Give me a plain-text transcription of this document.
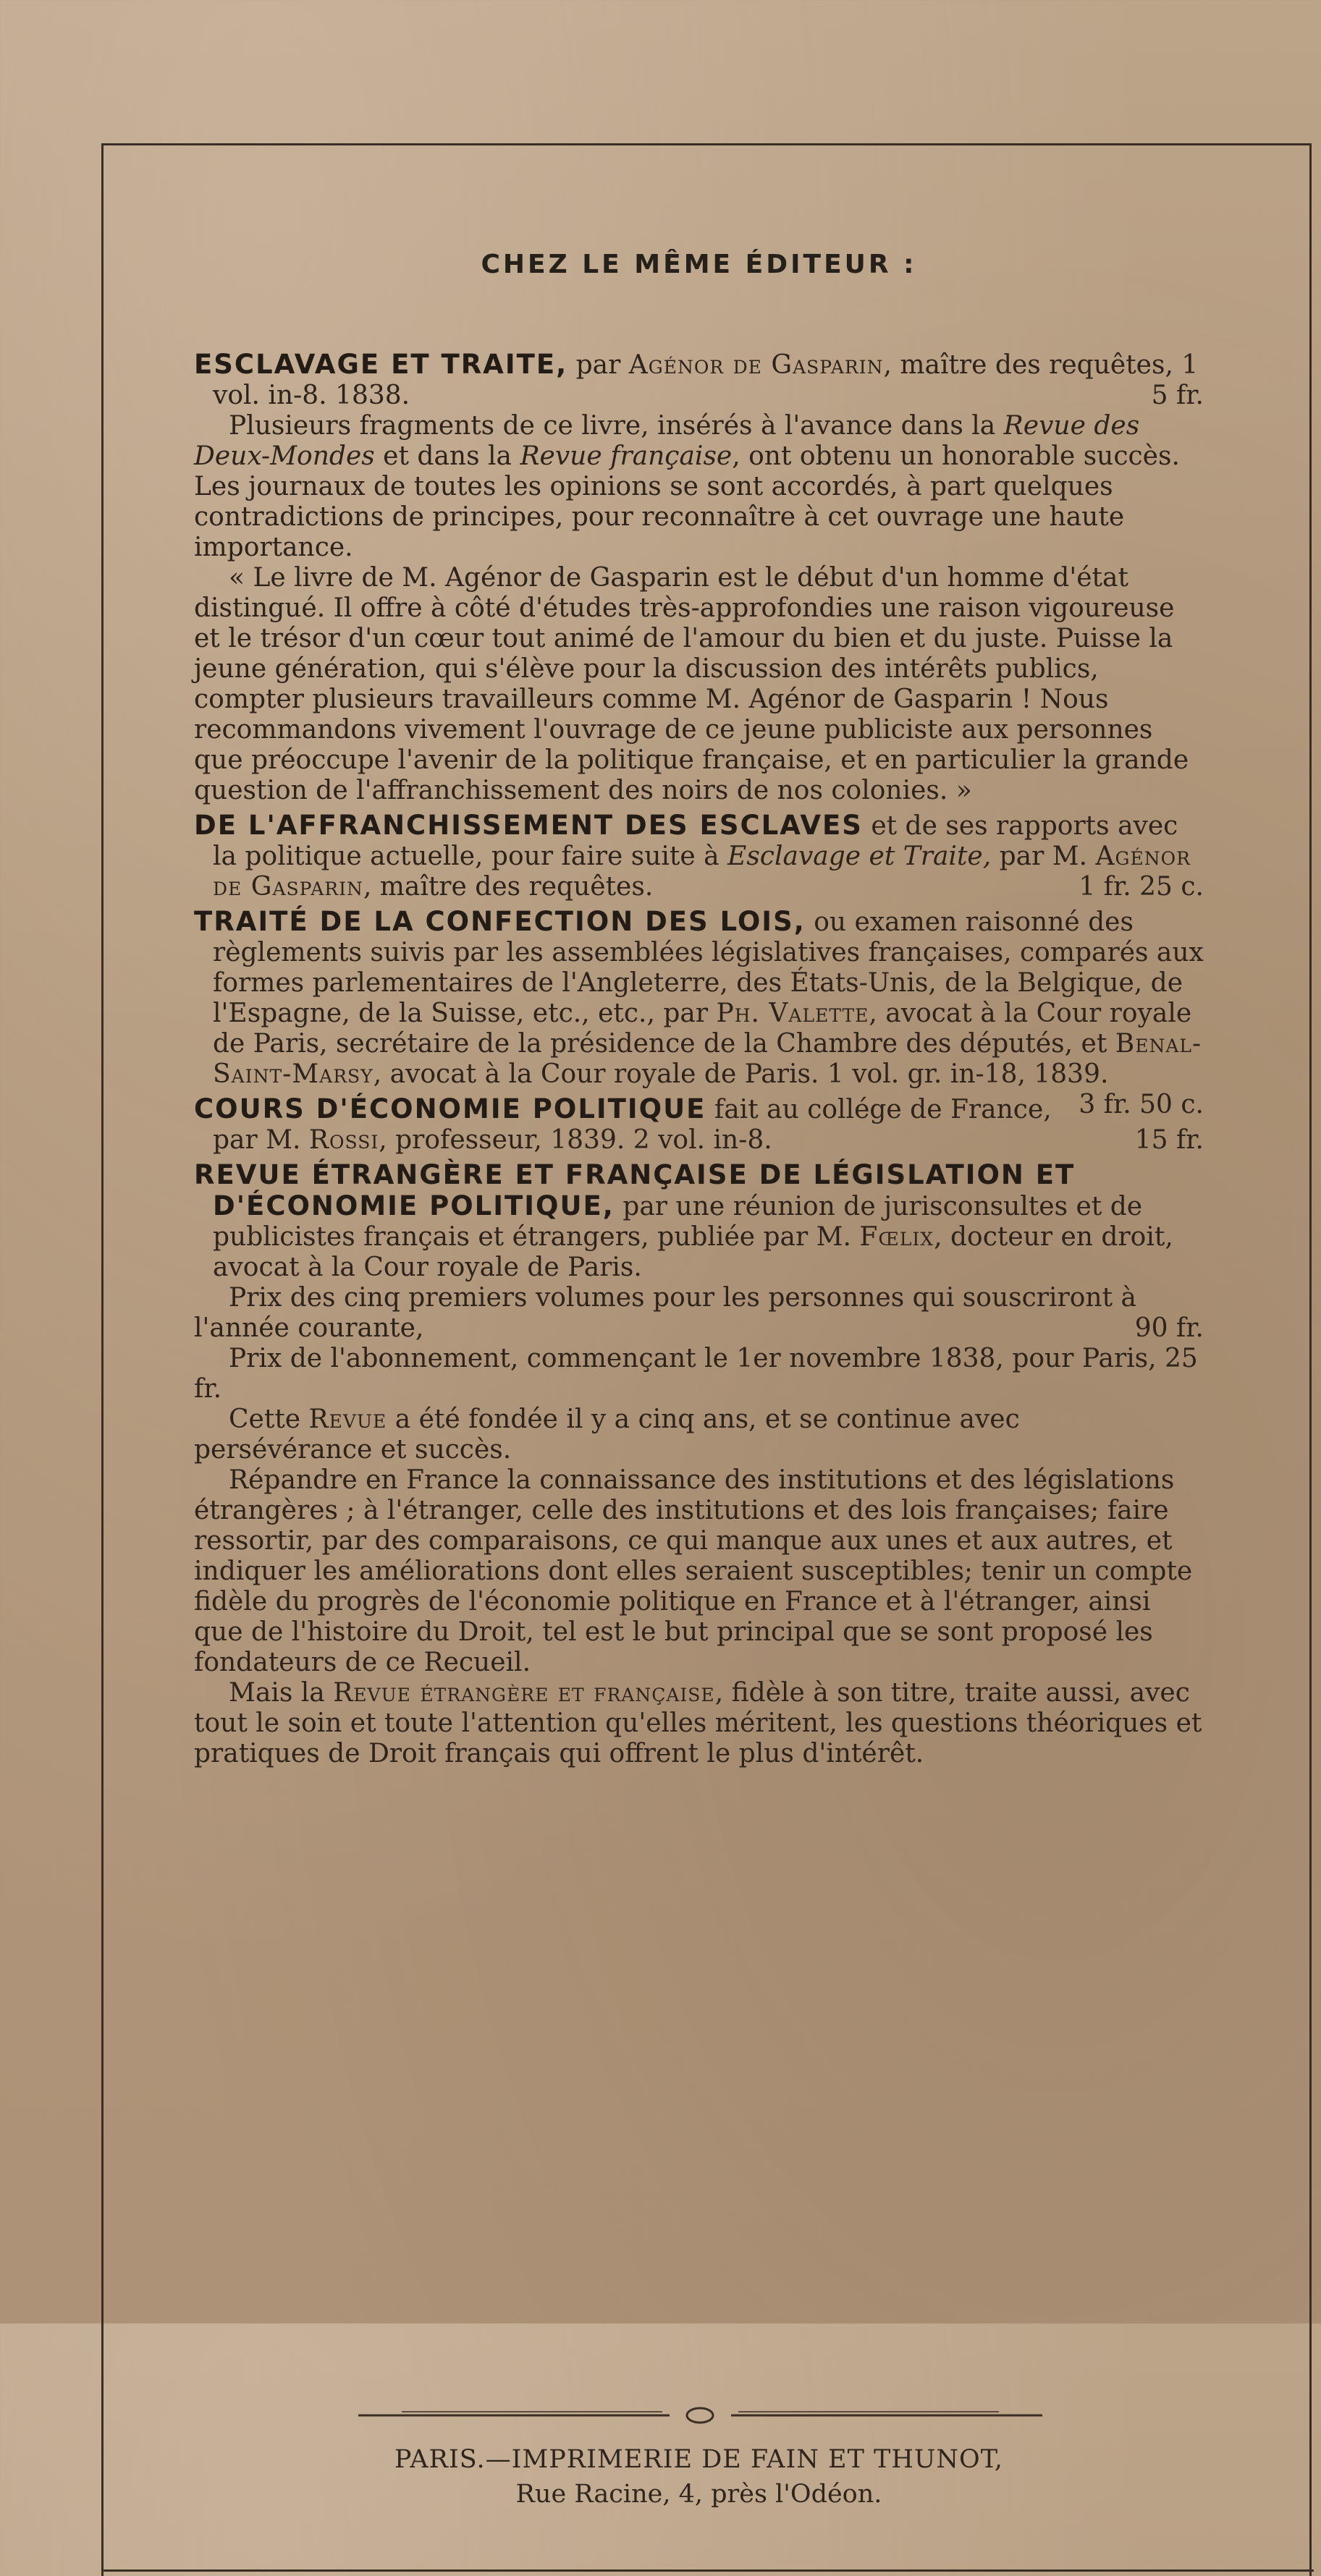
CHEZ LE MÊME ÉDITEUR :

ESCLAVAGE ET TRAITE, par Agénor de Gasparin, maître des requêtes, 1 vol. in-8. 1838.	5 fr.

Plusieurs fragments de ce livre, insérés à l'avance dans la Revue des Deux-Mondes et dans la Revue française, ont obtenu un honorable succès. Les journaux de toutes les opinions se sont accordés, à part quelques contradictions de principes, pour reconnaître à cet ouvrage une haute importance.

« Le livre de M. Agénor de Gasparin est le début d'un homme d'état distingué. Il offre à côté d'études très-approfondies une raison vigoureuse et le trésor d'un cœur tout animé de l'amour du bien et du juste. Puisse la jeune génération, qui s'élève pour la discussion des intérêts publics, compter plusieurs travailleurs comme M. Agénor de Gasparin ! Nous recommandons vivement l'ouvrage de ce jeune publiciste aux personnes que préoccupe l'avenir de la politique française, et en particulier la grande question de l'affranchissement des noirs de nos colonies. »

DE L'AFFRANCHISSEMENT DES ESCLAVES et de ses rapports avec la politique actuelle, pour faire suite à Esclavage et Traite, par M. Agénor de Gasparin, maître des requêtes.	1 fr. 25 c.

TRAITÉ DE LA CONFECTION DES LOIS, ou examen raisonné des règlements suivis par les assemblées législatives françaises, comparés aux formes parlementaires de l'Angleterre, des États-Unis, de la Belgique, de l'Espagne, de la Suisse, etc., etc., par Ph. Valette, avocat à la Cour royale de Paris, secrétaire de la présidence de la Chambre des députés, et Benal-Saint-Marsy, avocat à la Cour royale de Paris. 1 vol. gr. in-18, 1839.
3 fr. 50 c.

COURS D'ÉCONOMIE POLITIQUE fait au collége de France, par M. Rossi, professeur, 1839. 2 vol. in-8.	15 fr.

REVUE ÉTRANGÈRE ET FRANÇAISE DE LÉGISLATION ET D'ÉCONOMIE POLITIQUE, par une réunion de jurisconsultes et de publicistes français et étrangers, publiée par M. Fœlix, docteur en droit, avocat à la Cour royale de Paris.

Prix des cinq premiers volumes pour les personnes qui souscriront à l'année courante,	90 fr.

Prix de l'abonnement, commençant le 1er novembre 1838, pour Paris, 25 fr.

Cette Revue a été fondée il y a cinq ans, et se continue avec persévérance et succès.

Répandre en France la connaissance des institutions et des législations étrangères ; à l'étranger, celle des institutions et des lois françaises; faire ressortir, par des comparaisons, ce qui manque aux unes et aux autres, et indiquer les améliorations dont elles seraient susceptibles; tenir un compte fidèle du progrès de l'économie politique en France et à l'étranger, ainsi que de l'histoire du Droit, tel est le but principal que se sont proposé les fondateurs de ce Recueil.

Mais la Revue étrangère et française, fidèle à son titre, traite aussi, avec tout le soin et toute l'attention qu'elles méritent, les questions théoriques et pratiques de Droit français qui offrent le plus d'intérêt.

PARIS.—IMPRIMERIE DE FAIN ET THUNOT,
Rue Racine, 4, près l'Odéon.
